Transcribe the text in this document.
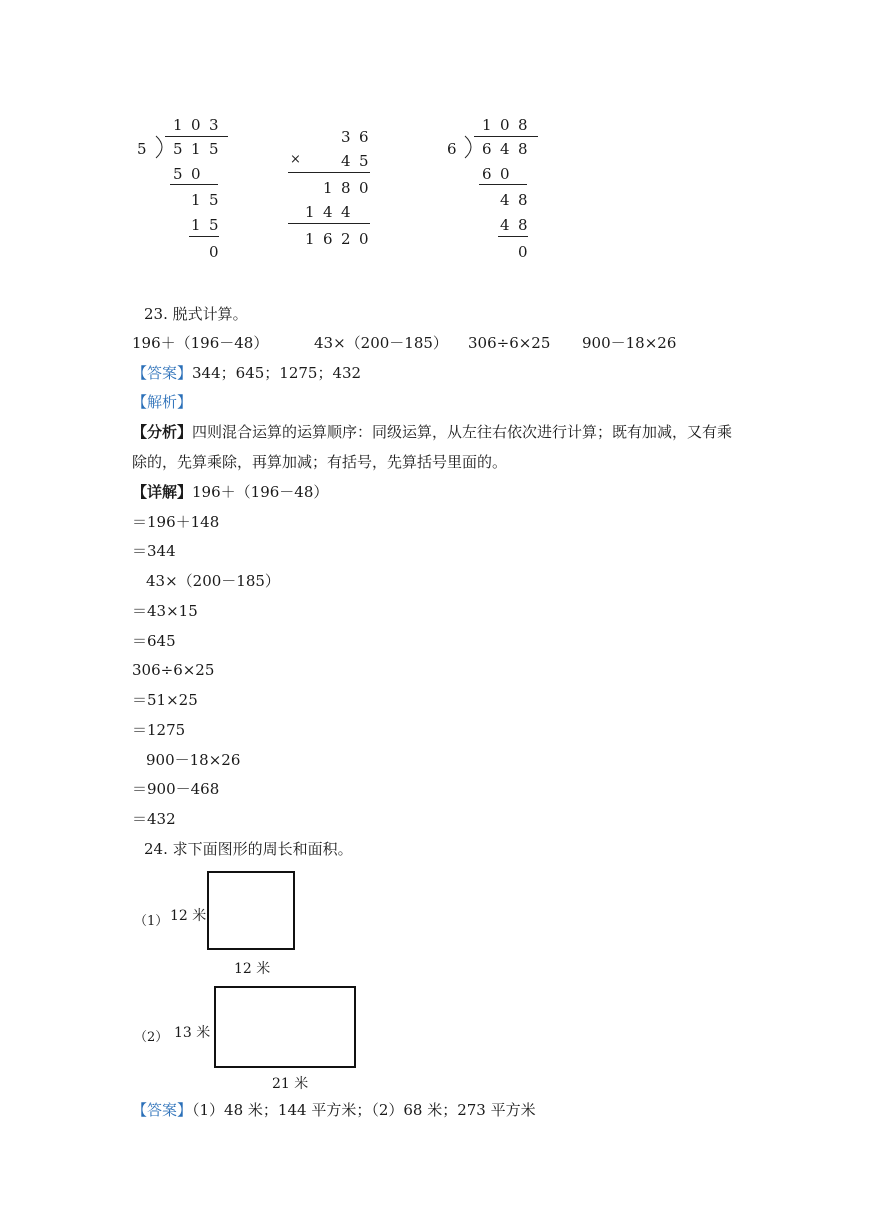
1 0 3
5 5 1 5
5 0
1 5
1 5
0
3 6
×	4 5
1 8 0
1 4 4
1 6 2 0
1 0 8
6 6 4 8
6 0
4 8
4 8
0
23. 脱式计算。
196＋（196－48）	43×（200－185） 306÷6×25 900－18×26
【答案】344；645；1275；432
【解析】
【分析】四则混合运算的运算顺序：同级运算，从左往右依次进行计算；既有加减，又有乘
除的，先算乘除，再算加减；有括号，先算括号里面的。
【详解】196＋（196－48）
＝196＋148
＝344
43×（200－185）
＝43×15
＝645
306÷6×25
＝51×25
＝1275
900－18×26
＝900－468
＝432
24. 求下面图形的周长和面积。
（1） 12 米
12 米
（2） 13 米
21 米
【答案】（1）48 米；144 平方米；（2）68 米；273 平方米
